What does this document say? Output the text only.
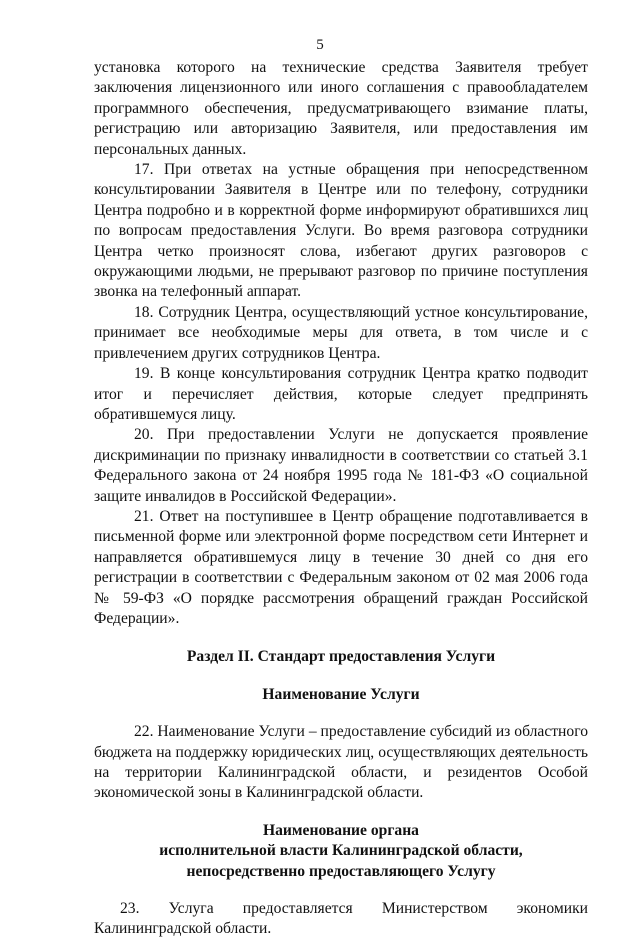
5

установка которого на технические средства Заявителя требует заключения лицензионного или иного соглашения с правообладателем программного обеспечения, предусматривающего взимание платы, регистрацию или авторизацию Заявителя, или предоставления им персональных данных.

17. При ответах на устные обращения при непосредственном консультировании Заявителя в Центре или по телефону, сотрудники Центра подробно и в корректной форме информируют обратившихся лиц по вопросам предоставления Услуги. Во время разговора сотрудники Центра четко произносят слова, избегают других разговоров с окружающими людьми, не прерывают разговор по причине поступления звонка на телефонный аппарат.

18. Сотрудник Центра, осуществляющий устное консультирование, принимает все необходимые меры для ответа, в том числе и с привлечением других сотрудников Центра.

19. В конце консультирования сотрудник Центра кратко подводит итог и перечисляет действия, которые следует предпринять обратившемуся лицу.

20. При предоставлении Услуги не допускается проявление дискриминации по признаку инвалидности в соответствии со статьей 3.1 Федерального закона от 24 ноября 1995 года № 181-ФЗ «О социальной защите инвалидов в Российской Федерации».

21. Ответ на поступившее в Центр обращение подготавливается в письменной форме или электронной форме посредством сети Интернет и направляется обратившемуся лицу в течение 30 дней со дня его регистрации в соответствии с Федеральным законом от 02 мая 2006 года № 59-ФЗ «О порядке рассмотрения обращений граждан Российской Федерации».

Раздел II. Стандарт предоставления Услуги

Наименование Услуги

22. Наименование Услуги – предоставление субсидий из областного бюджета на поддержку юридических лиц, осуществляющих деятельность на территории Калининградской области, и резидентов Особой экономической зоны в Калининградской области.

Наименование органа

исполнительной власти Калининградской области,

непосредственно предоставляющего Услугу

23. Услуга предоставляется Министерством экономики Калининградской области.
